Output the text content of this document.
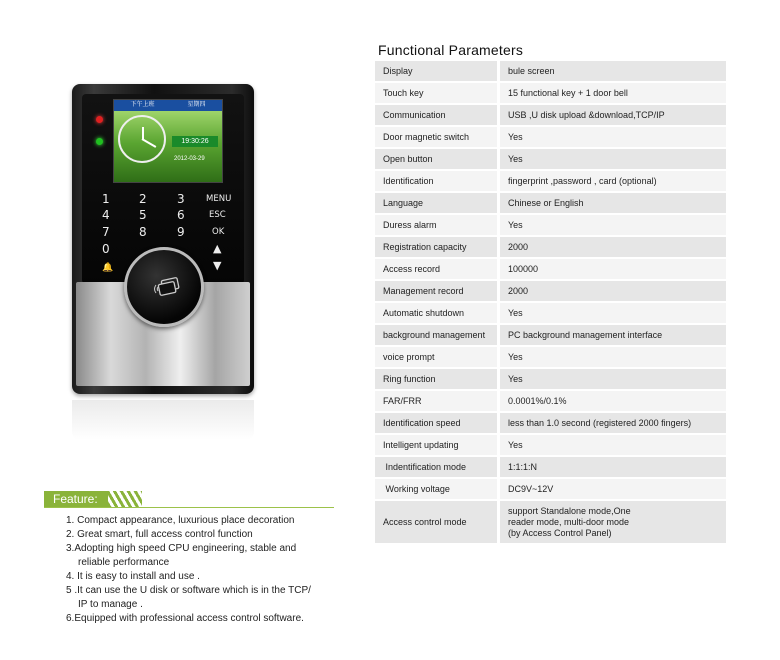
下午上班	星期四
19:30:26
2012-03-29
1 2	3
4 5	6
7 8	9
0
MENU
ESC
OK
▲
▼
🔔
Functional Parameters
Display	bule screen
Touch key	15 functional key + 1 door bell
Communication	USB ,U disk upload &download,TCP/IP
Door magnetic switch	Yes
Open button	Yes
Identification	fingerprint ,password , card (optional)
Language	Chinese or English
Duress alarm	Yes
Registration capacity	2000
Access record	100000
Management record	2000
Automatic shutdown	Yes
background management	PC background management interface
voice prompt	Yes
Ring function	Yes
FAR/FRR	0.0001%/0.1%
Identification speed	less than 1.0 second (registered 2000 fingers)
Intelligent updating	Yes
Indentification mode	1:1:1:N
Working voltage	DC9V~12V
Access control mode
support Standalone mode,One
reader mode, multi-door mode
(by Access Control Panel)
Feature:
1. Compact appearance, luxurious place decoration
2. Great smart, full access control function
3.Adopting high speed CPU engineering, stable and
reliable performance
4. It is easy to install and use .
5 .It can use the U disk or software which is in the TCP/
IP to manage .
6.Equipped with professional access control software.
